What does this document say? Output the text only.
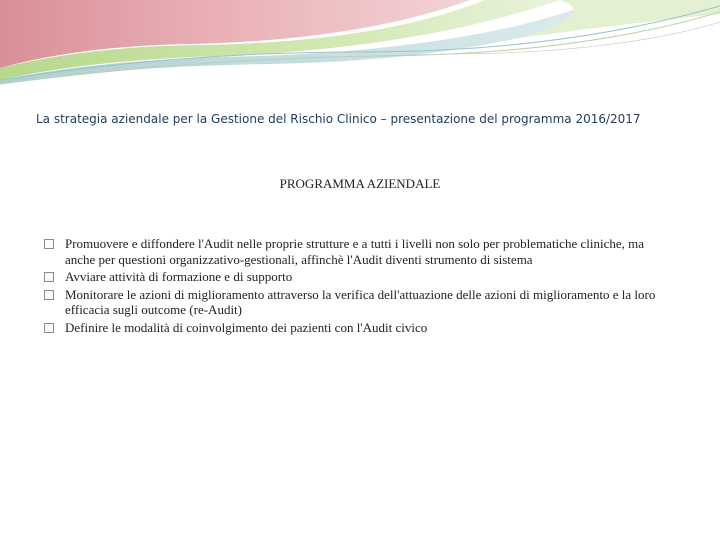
La strategia aziendale per la Gestione del Rischio Clinico – presentazione del programma 2016/2017
PROGRAMMA AZIENDALE
Promuovere e diffondere l'Audit nelle proprie strutture e a tutti i livelli non solo per problematiche cliniche, ma anche per questioni organizzativo-gestionali, affinchè l'Audit diventi strumento di sistema
Avviare attività di formazione e di supporto
Monitorare le azioni di miglioramento attraverso la verifica dell'attuazione delle azioni di miglioramento e la loro efficacia sugli outcome (re-Audit)
Definire le modalità di coinvolgimento dei pazienti con l'Audit civico
